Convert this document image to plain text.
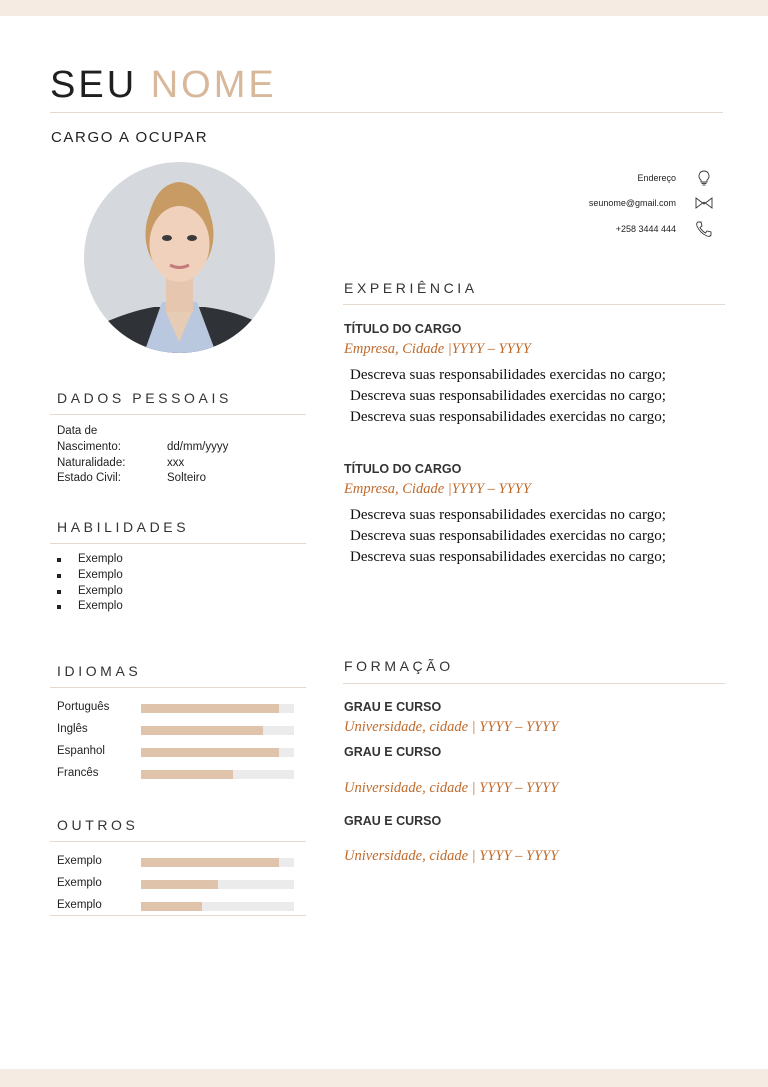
SEU NOME
CARGO A OCUPAR
Endereço
seunome@gmail.com
+258 3444 444
DADOS PESSOAIS
Data de
Nascimento:	dd/mm/yyyy
Naturalidade:	xxx
Estado Civil:	Solteiro
HABILIDADES
Exemplo
Exemplo
Exemplo
Exemplo
IDIOMAS
Português
Inglês
Espanhol
Francês
OUTROS
Exemplo
Exemplo
Exemplo
EXPERIÊNCIA
TÍTULO DO CARGO
Empresa, Cidade |YYYY – YYYY
Descreva suas responsabilidades exercidas no cargo;
Descreva suas responsabilidades exercidas no cargo;
Descreva suas responsabilidades exercidas no cargo;
TÍTULO DO CARGO
Empresa, Cidade |YYYY – YYYY
Descreva suas responsabilidades exercidas no cargo;
Descreva suas responsabilidades exercidas no cargo;
Descreva suas responsabilidades exercidas no cargo;
FORMAÇÃO
GRAU E CURSO
Universidade, cidade | YYYY – YYYY
GRAU E CURSO
Universidade, cidade | YYYY – YYYY
GRAU E CURSO
Universidade, cidade | YYYY – YYYY
